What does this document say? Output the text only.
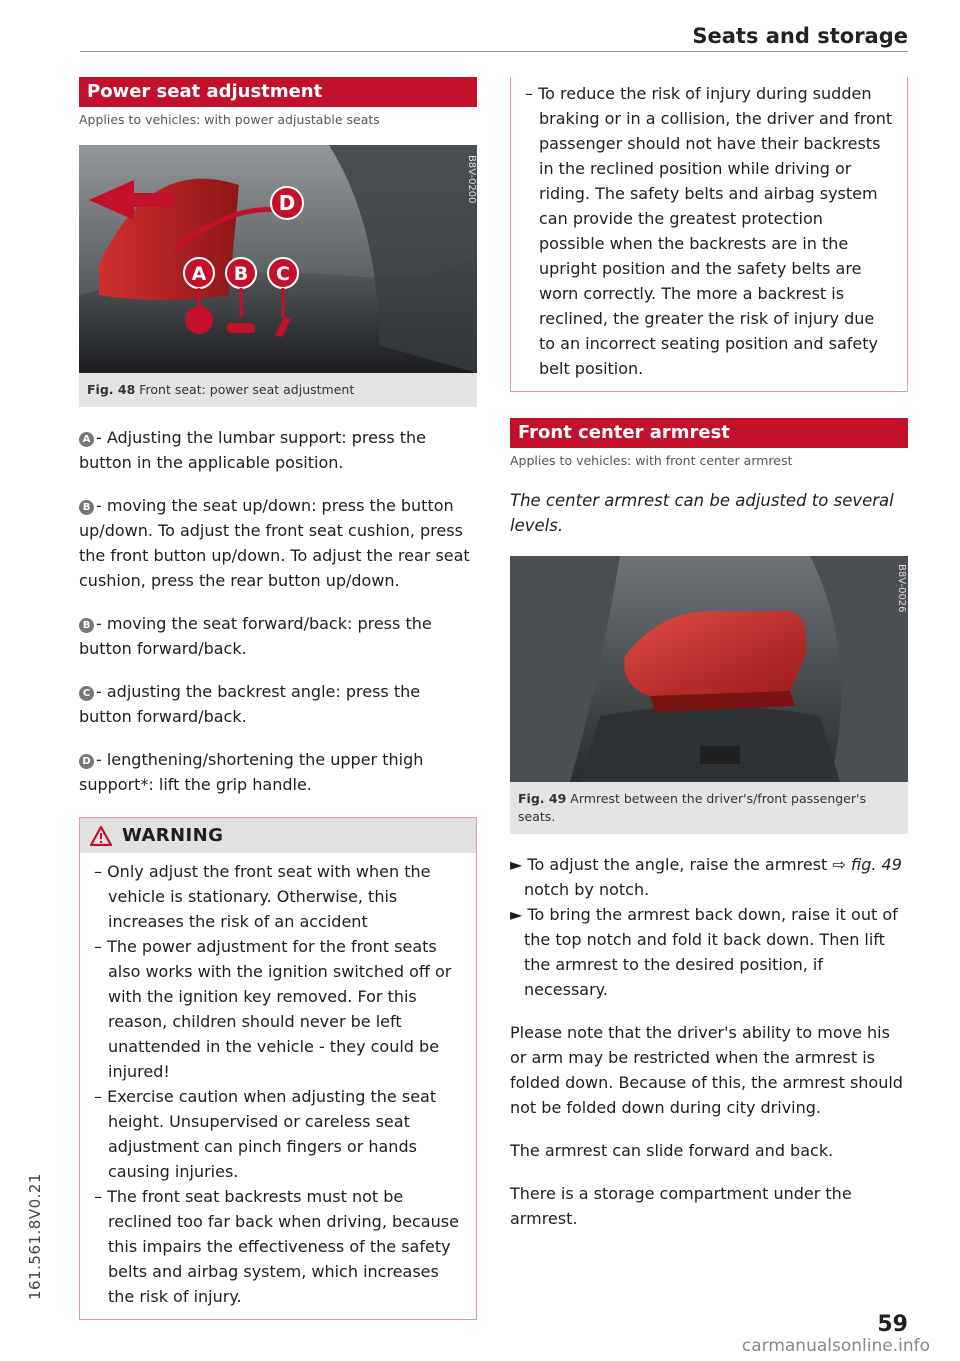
Seats and storage
161.561.8V0.21
Power seat adjustment
Applies to vehicles: with power adjustable seats
D
A B C
B8V-0200
Fig. 48 Front seat: power seat adjustment

A - Adjusting the lumbar support: press the button in the applicable position.

B - moving the seat up/down: press the button up/down. To adjust the front seat cushion, press the front button up/down. To adjust the rear seat cushion, press the rear button up/down.

B - moving the seat forward/back: press the button forward/back.

C - adjusting the backrest angle: press the button forward/back.

D - lengthening/shortening the upper thigh support*: lift the grip handle.

WARNING
– Only adjust the front seat with when the vehicle is stationary. Otherwise, this increases the risk of an accident
– The power adjustment for the front seats also works with the ignition switched off or with the ignition key removed. For this reason, children should never be left unattended in the vehicle - they could be injured!
– Exercise caution when adjusting the seat height. Unsupervised or careless seat adjustment can pinch fingers or hands causing injuries.
– The front seat backrests must not be reclined too far back when driving, because this impairs the effectiveness of the safety belts and airbag system, which increases the risk of injury.
– To reduce the risk of injury during sudden braking or in a collision, the driver and front passenger should not have their backrests in the reclined position while driving or riding. The safety belts and airbag system can provide the greatest protection possible when the backrests are in the upright position and the safety belts are worn correctly. The more a backrest is reclined, the greater the risk of injury due to an incorrect seating position and safety belt position.
Front center armrest
Applies to vehicles: with front center armrest

The center armrest can be adjusted to several levels.

B8V-0026
Fig. 49 Armrest between the driver's/front passenger's seats.
► To adjust the angle, raise the armrest ⇨ fig. 49 notch by notch.
► To bring the armrest back down, raise it out of the top notch and fold it back down. Then lift the armrest to the desired position, if necessary.

Please note that the driver's ability to move his or arm may be restricted when the armrest is folded down. Because of this, the armrest should not be folded down during city driving.

The armrest can slide forward and back.

There is a storage compartment under the armrest.

59
carmanualsonline.info
